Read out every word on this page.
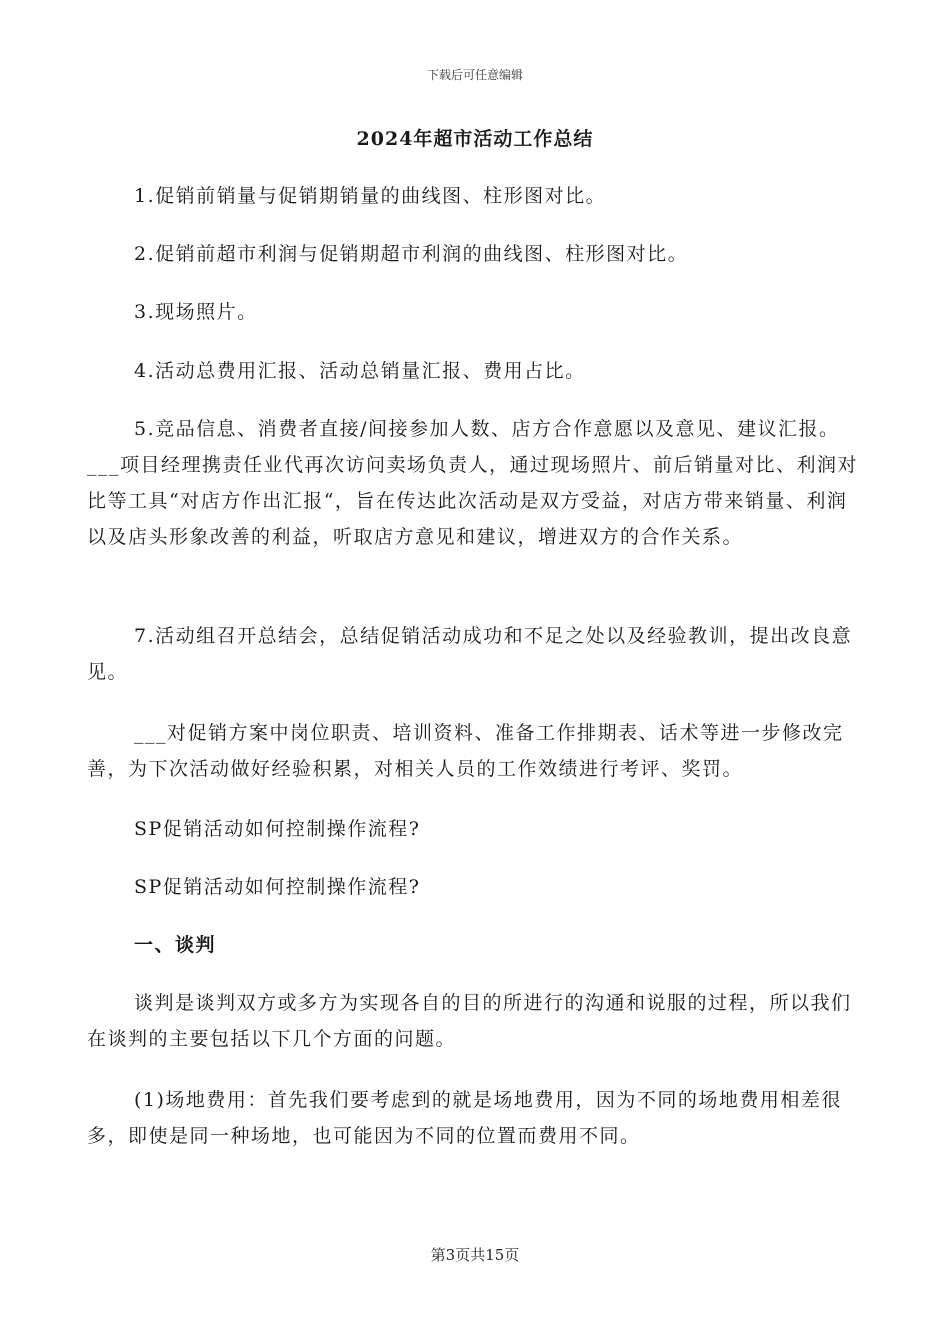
下载后可任意编辑
2024年超市活动工作总结

1.促销前销量与促销期销量的曲线图、柱形图对比。

2.促销前超市利润与促销期超市利润的曲线图、柱形图对比。

3.现场照片。

4.活动总费用汇报、活动总销量汇报、费用占比。

5.竞品信息、消费者直接/间接参加人数、店方合作意愿以及意见、建议汇报。 ___项目经理携责任业代再次访问卖场负责人，通过现场照片、前后销量对比、利润对比等工具“对店方作出汇报“，旨在传达此次活动是双方受益，对店方带来销量、利润以及店头形象改善的利益，听取店方意见和建议，增进双方的合作关系。

7.活动组召开总结会，总结促销活动成功和不足之处以及经验教训，提出改良意见。

___对促销方案中岗位职责、培训资料、准备工作排期表、话术等进一步修改完善，为下次活动做好经验积累，对相关人员的工作效绩进行考评、奖罚。

SP促销活动如何控制操作流程?

SP促销活动如何控制操作流程?

一、谈判

谈判是谈判双方或多方为实现各自的目的所进行的沟通和说服的过程，所以我们在谈判的主要包括以下几个方面的问题。

(1)场地费用：首先我们要考虑到的就是场地费用，因为不同的场地费用相差很多，即使是同一种场地，也可能因为不同的位置而费用不同。

第3页共15页
